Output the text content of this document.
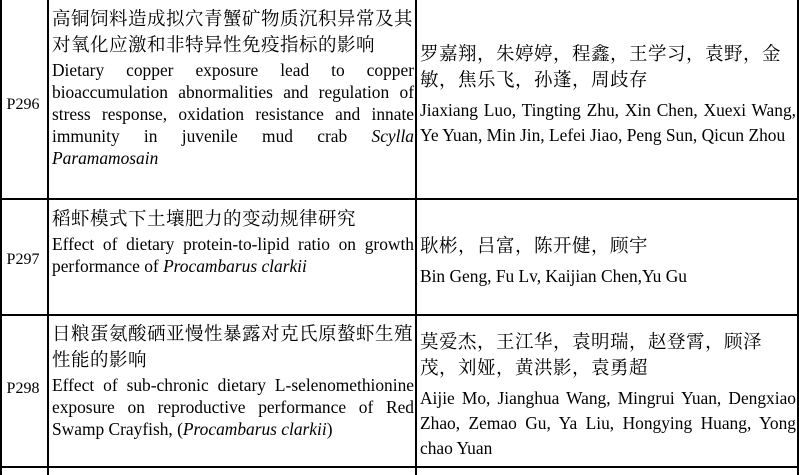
P296
高铜饲料造成拟穴青蟹矿物质沉积异常及其对氧化应激和非特异性免疫指标的影响
Dietary copper exposure lead to copper bioaccumulation abnormalities and regulation of stress response, oxidation resistance and innate immunity in juvenile mud crab Scylla Paramamosain
罗嘉翔，朱婷婷，程鑫，王学习，袁野，金敏，焦乐飞，孙蓬，周歧存
Jiaxiang Luo, Tingting Zhu, Xin Chen, Xuexi Wang, Ye Yuan, Min Jin, Lefei Jiao, Peng Sun, Qicun Zhou
P297
稻虾模式下土壤肥力的变动规律研究
Effect of dietary protein-to-lipid ratio on growth performance of Procambarus clarkii
耿彬，吕富，陈开健，顾宇
Bin Geng, Fu Lv, Kaijian Chen,Yu Gu
P298
日粮蛋氨酸硒亚慢性暴露对克氏原螯虾生殖性能的影响
Effect of sub-chronic dietary L-selenomethionine exposure on reproductive performance of Red Swamp Crayfish, (Procambarus clarkii)
莫爱杰，王江华，袁明瑞，赵登霄，顾泽茂，刘娅，黄洪影，袁勇超
Aijie Mo, Jianghua Wang, Mingrui Yuan, Dengxiao Zhao, Zemao Gu, Ya Liu, Hongying Huang, Yong chao Yuan
